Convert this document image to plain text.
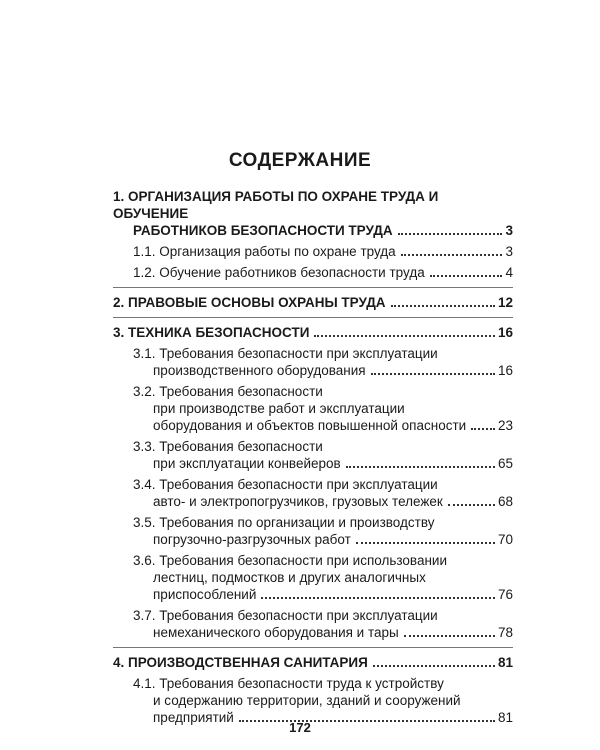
СОДЕРЖАНИЕ
1. ОРГАНИЗАЦИЯ РАБОТЫ ПО ОХРАНЕ ТРУДА И ОБУЧЕНИЕ
РАБОТНИКОВ БЕЗОПАСНОСТИ ТРУДА	3
1.1. Организация работы по охране труда	3
1.2. Обучение работников безопасности труда	4
2. ПРАВОВЫЕ ОСНОВЫ ОХРАНЫ ТРУДА	12
3. ТЕХНИКА БЕЗОПАСНОСТИ	16
3.1. Требования безопасности при эксплуатации
производственного оборудования	16
3.2. Требования безопасности
при производстве работ и эксплуатации
оборудования и объектов повышенной опасности 23
3.3. Требования безопасности
при эксплуатации конвейеров	65
3.4. Требования безопасности при эксплуатации
авто- и электропогрузчиков, грузовых тележек	68
3.5. Требования по организации и производству
погрузочно-разгрузочных работ	70
3.6. Требования безопасности при использовании
лестниц, подмостков и других аналогичных
приспособлений	76
3.7. Требования безопасности при эксплуатации
немеханического оборудования и тары	78
4. ПРОИЗВОДСТВЕННАЯ САНИТАРИЯ	81
4.1. Требования безопасности труда к устройству
и содержанию территории, зданий и сооружений
предприятий	81
172
